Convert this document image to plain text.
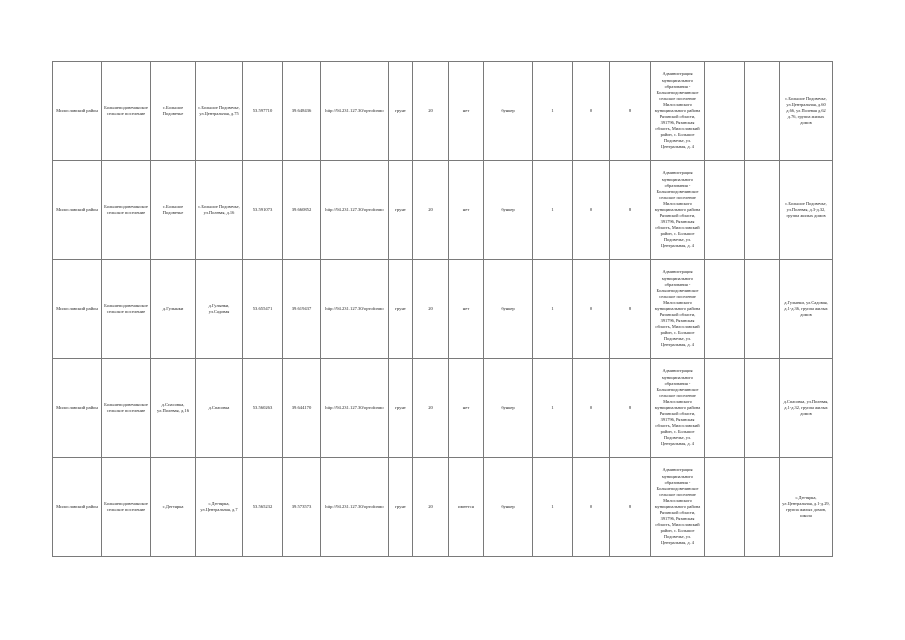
Милославский район	Большеподовечинское сельское поселение	с.Большое Подовечье	с.Большое Подовечье, ул.Центральная, д.75	53.597710	39.648436	http://94.231.127.30/ортofизмo	грунт	20	нет	бункер	1	0	8	Администрация муниципального образования - Большеподовечинское сельское поселение Милославского муниципального района Рязанской области, 391796, Рязанская область, Милославский район, с. Большое Подовечье, ул. Центральная, д. 4			с.Большое Подовечье, ул.Центральная, д.60 д.66, ул.Полевая д.62 д.76, группа жилых домов
Милославский район	Большеподовечинское сельское поселение	с.Большое Подовечье	с.Большое Подовечье, ул.Полевая, д.16	53.591073	39.660852	http://94.231.127.30/ортofизмo	грунт	20	нет	бункер	1	0	8	Администрация муниципального образования - Большеподовечинское сельское поселение Милославского муниципального района Рязанской области, 391796, Рязанская область, Милославский район, с. Большое Подовечье, ул. Центральная, д. 4			с.Большое Подовечье, ул.Полевая, д.3-д.32, группа жилых домов
Милославский район	Большеподовечинское сельское поселение	д.Гулынки	д.Гулынки, ул.Садовая	53.655471	39.619437	http://94.231.127.30/ортofизмo	грунт	20	нет	бункер	1	0	8	Администрация муниципального образования - Большеподовечинское сельское поселение Милославского муниципального района Рязанской области, 391796, Рязанская область, Милославский район, с. Большое Подовечье, ул. Центральная, д. 4			д.Гулынки, ул.Садовая, д.1-д.36, группа жилых домов
Милославский район	Большеподовечинское сельское поселение	д.Спасовка, ул.Полевая, д.16	д.Спасовка	53.560263	39.644170	http://94.231.127.30/ортofизмo	грунт	20	нет	бункер	1	0	8	Администрация муниципального образования - Большеподовечинское сельское поселение Милославского муниципального района Рязанской области, 391796, Рязанская область, Милославский район, с. Большое Подовечье, ул. Центральная, д. 4			д.Спасовка, ул.Полевая, д.1-д.32, группа жилых домов
Милославский район	Большеподовечинское сельское поселение	с.Дегтярка	с.Дегтярка, ул.Центральная, д.7	53.565232	39.573573	http://94.231.127.30/ортofизмo	грунт	20	имеется	бункер	1	0	8	Администрация муниципального образования - Большеподовечинское сельское поселение Милославского муниципального района Рязанской области, 391796, Рязанская область, Милославский район, с. Большое Подовечье, ул. Центральная, д. 4			с.Дегтярка, ул.Центральная, д.1-д.29, группа жилых домов, школа
